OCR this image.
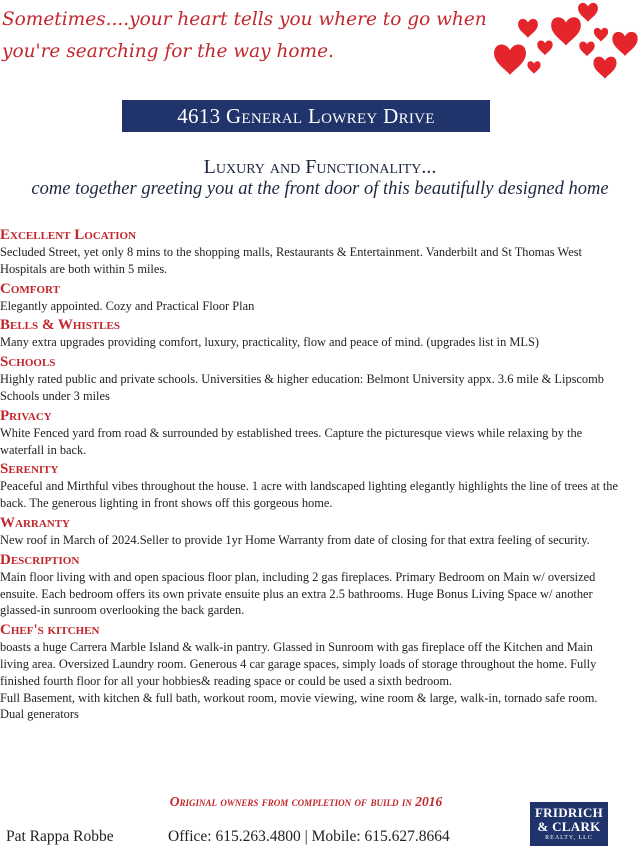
Sometimes....your heart tells you where to go when you're searching for the way home.
4613 General Lowrey Drive
Luxury and Functionality...
come together greeting you at the front door of this beautifully designed home
Excellent Location
Secluded Street, yet only 8 mins to the shopping malls, Restaurants & Entertainment. Vanderbilt and St Thomas West Hospitals are both within 5 miles.
Comfort
Elegantly appointed. Cozy and Practical Floor Plan
Bells & Whistles
Many extra upgrades providing comfort, luxury, practicality, flow and peace of mind. (upgrades list in MLS)
Schools
Highly rated public and private schools. Universities & higher education: Belmont University appx. 3.6 mile & Lipscomb Schools under 3 miles
Privacy
White Fenced yard from road & surrounded by established trees. Capture the picturesque views while relaxing by the waterfall in back.
Serenity
Peaceful and Mirthful vibes throughout the house. 1 acre with landscaped lighting elegantly highlights the line of trees at the back. The generous lighting in front shows off this gorgeous home.
Warranty
New roof in March of 2024.Seller to provide 1yr Home Warranty from date of closing for that extra feeling of security.
Description
Main floor living with and open spacious floor plan, including 2 gas fireplaces. Primary Bedroom on Main w/ oversized ensuite. Each bedroom offers its own private ensuite plus an extra 2.5 bathrooms. Huge Bonus Living Space w/ another glassed-in sunroom overlooking the back garden.
Chef's kitchen
boasts a huge Carrera Marble Island & walk-in pantry. Glassed in Sunroom with gas fireplace off the Kitchen and Main living area. Oversized Laundry room. Generous 4 car garage spaces, simply loads of storage throughout the home. Fully finished fourth floor for all your hobbies& reading space or could be used a sixth bedroom.
Full Basement, with kitchen & full bath, workout room, movie viewing, wine room & large, walk-in, tornado safe room. Dual generators
Original owners from completion of build in 2016
Pat Rappa Robbe	Office: 615.263.4800 | Mobile: 615.627.8664
FRIDRICH
& CLARK
REALTY, LLC
